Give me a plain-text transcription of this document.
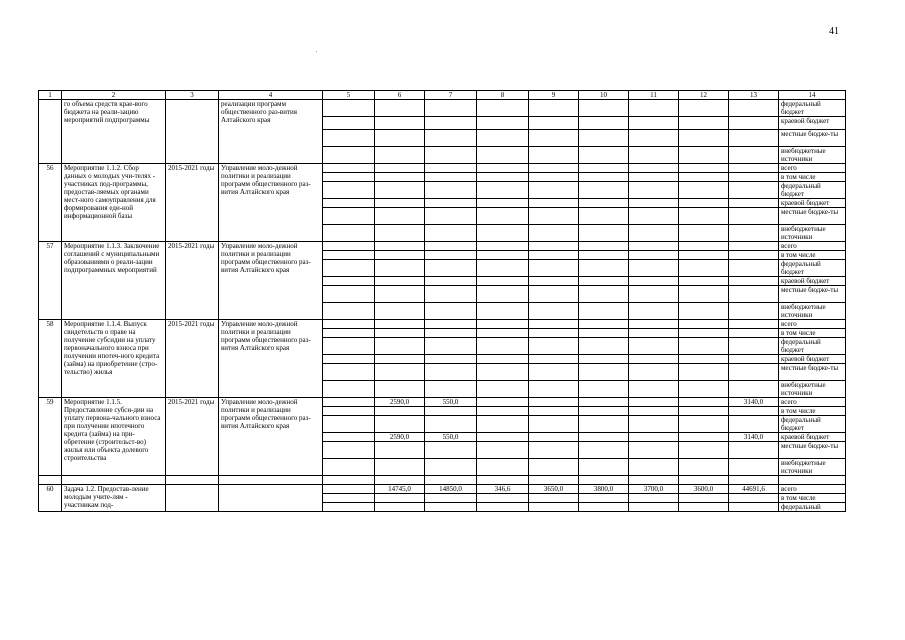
41
1	2	3	4	5	6	7	8	9	10	11	12	13	14
	го объема средств крае-вого бюджета на реали-зацию мероприятий подпрограммы		реализации программ общественного раз-вития Алтайского края										федеральный бюджет
													краевой бюджет
													местные бюдже-ты
													внебюджетные источники
56	Мероприятие 1.1.2. Сбор данных о молодых учи-телях - участниках под-программы, предостав-ляемых органами мест-ного самоуправления для формирования еди-ной информационной базы	2015-2021 годы	Управление моло-дежной политики и реализации программ общественного раз-вития Алтайского края										всего
													в том числе
													федеральный бюджет
													краевой бюджет
													местные бюдже-ты
													внебюджетные источники
57	Мероприятие 1.1.3. Заключение соглашений с муниципальными образованиями о реали-зации подпрограммных мероприятий	2015-2021 годы	Управление моло-дежной политики и реализации программ общественного раз-вития Алтайского края										всего
													в том числе
													федеральный бюджет
													краевой бюджет
													местные бюдже-ты
													внебюджетные источники
58	Мероприятие 1.1.4. Выпуск свидетельств о праве на получение субсидии на уплату первоначального взноса при получении ипотеч-ного кредита (займа) на приобретение (стро-тельство) жилья	2015-2021 годы	Управление моло-дежной политики и реализации программ общественного раз-вития Алтайского края										всего
													в том числе
													федеральный бюджет
													краевой бюджет
													местные бюдже-ты
													внебюджетные источники
59	Мероприятие 1.1.5. Предоставление субси-дии на уплату первона-чального взноса при получении ипотечного кредита (займа) на при-обретение (строительст-во) жилья или объекта долевого строительства	2015-2021 годы	Управление моло-дежной политики и реализации программ общественного раз-вития Алтайского края		2590,0	550,0						3140,0	всего
													в том числе
													федеральный бюджет
					2590,0	550,0						3140,0	краевой бюджет
													местные бюдже-ты
													внебюджетные источники

60	Задача 1.2. Предостав-ление молодым учите-лям - участникам под-				14745,0	14850,0	346,6	3650,0	3800,0	3700,0	3600,0	44691,6	всего
													в том числе
													федеральный
